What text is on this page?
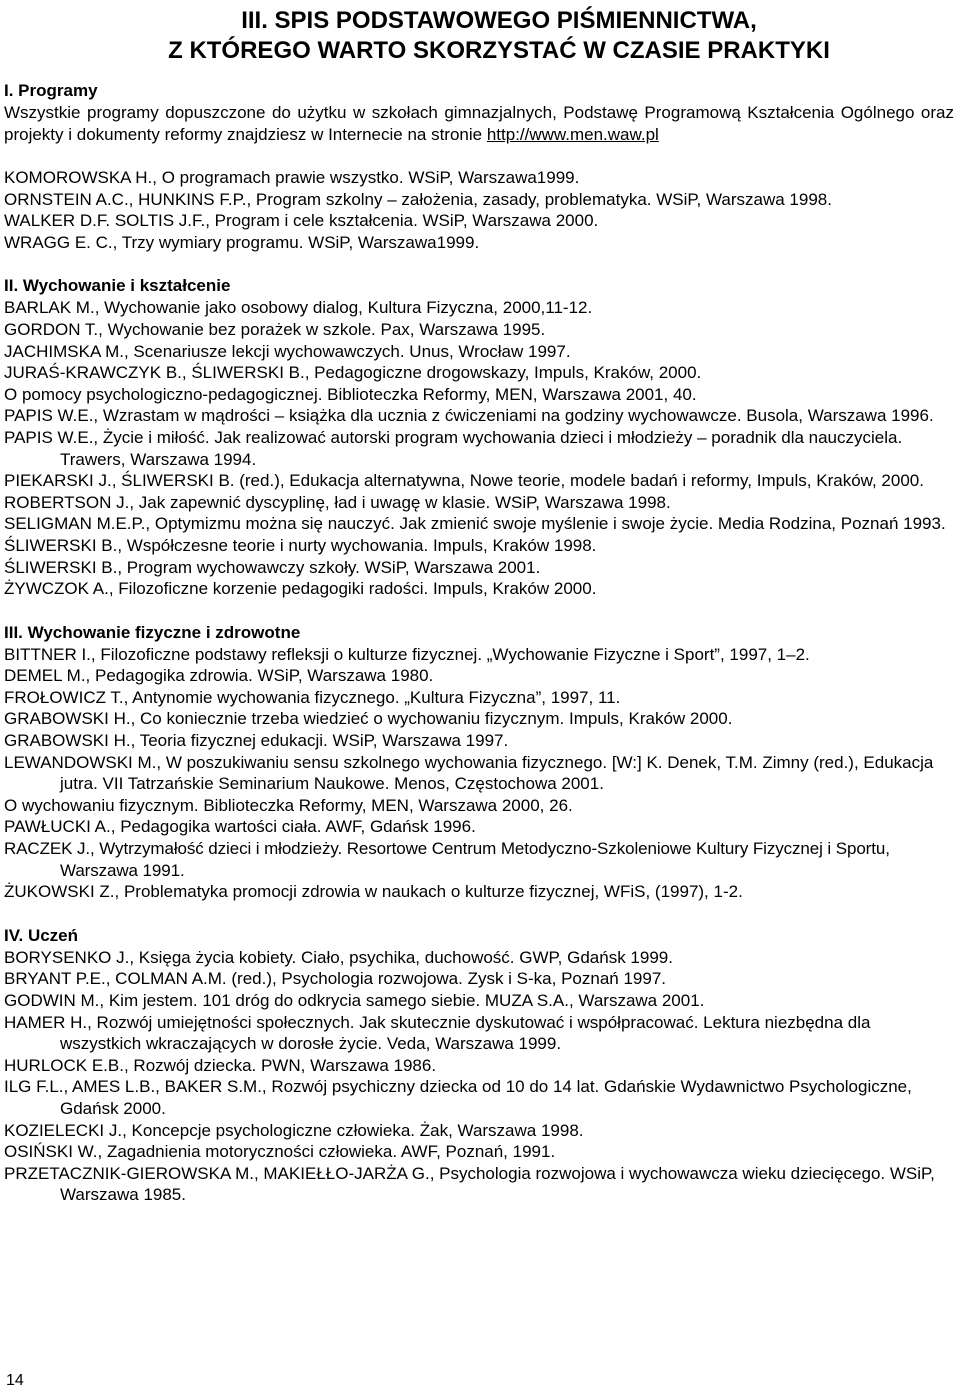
III. SPIS PODSTAWOWEGO PIŚMIENNICTWA,
Z KTÓREGO WARTO SKORZYSTAĆ W CZASIE PRAKTYKI
I. Programy
Wszystkie programy dopuszczone do użytku w szkołach gimnazjalnych, Podstawę Programową Kształcenia Ogólnego oraz projekty i dokumenty reformy znajdziesz w Internecie na stronie http://www.men.waw.pl
KOMOROWSKA H., O programach prawie wszystko. WSiP, Warszawa1999.
ORNSTEIN A.C., HUNKINS F.P., Program szkolny – założenia, zasady, problematyka. WSiP, Warszawa 1998.
WALKER D.F. SOLTIS J.F., Program i cele kształcenia. WSiP, Warszawa 2000.
WRAGG E. C., Trzy wymiary programu. WSiP, Warszawa1999.
II. Wychowanie i kształcenie
BARLAK M., Wychowanie jako osobowy dialog, Kultura Fizyczna, 2000,11-12.
GORDON T., Wychowanie bez porażek w szkole. Pax, Warszawa 1995.
JACHIMSKA M., Scenariusze lekcji wychowawczych. Unus, Wrocław 1997.
JURAŚ-KRAWCZYK B., ŚLIWERSKI B., Pedagogiczne drogowskazy, Impuls, Kraków, 2000.
O pomocy psychologiczno-pedagogicznej. Biblioteczka Reformy, MEN, Warszawa 2001, 40.
PAPIS W.E., Wzrastam w mądrości – książka dla ucznia z ćwiczeniami na godziny wychowawcze. Busola, Warszawa 1996.
PAPIS W.E., Życie i miłość. Jak realizować autorski program wychowania dzieci i młodzieży – poradnik dla nauczyciela. Trawers, Warszawa 1994.
PIEKARSKI J., ŚLIWERSKI B. (red.), Edukacja alternatywna, Nowe teorie, modele badań i reformy, Impuls, Kraków, 2000.
ROBERTSON J., Jak zapewnić dyscyplinę, ład i uwagę w klasie. WSiP, Warszawa 1998.
SELIGMAN M.E.P., Optymizmu można się nauczyć. Jak zmienić swoje myślenie i swoje życie. Media Rodzina, Poznań 1993.
ŚLIWERSKI B., Współczesne teorie i nurty wychowania. Impuls, Kraków 1998.
ŚLIWERSKI B., Program wychowawczy szkoły. WSiP, Warszawa 2001.
ŻYWCZOK A., Filozoficzne korzenie pedagogiki radości. Impuls, Kraków 2000.
III. Wychowanie fizyczne i zdrowotne
BITTNER I., Filozoficzne podstawy refleksji o kulturze fizycznej. „Wychowanie Fizyczne i Sport”, 1997, 1–2.
DEMEL M., Pedagogika zdrowia. WSiP, Warszawa 1980.
FROŁOWICZ T., Antynomie wychowania fizycznego. „Kultura Fizyczna”, 1997, 11.
GRABOWSKI H., Co koniecznie trzeba wiedzieć o wychowaniu fizycznym. Impuls, Kraków 2000.
GRABOWSKI H., Teoria fizycznej edukacji. WSiP, Warszawa 1997.
LEWANDOWSKI M., W poszukiwaniu sensu szkolnego wychowania fizycznego. [W:] K. Denek, T.M. Zimny (red.), Edukacja jutra. VII Tatrzańskie Seminarium Naukowe. Menos, Częstochowa 2001.
O wychowaniu fizycznym. Biblioteczka Reformy, MEN, Warszawa 2000, 26.
PAWŁUCKI A., Pedagogika wartości ciała. AWF, Gdańsk 1996.
RACZEK J., Wytrzymałość dzieci i młodzieży. Resortowe Centrum Metodyczno-Szkoleniowe Kultury Fizycznej i Sportu, Warszawa 1991.
ŻUKOWSKI Z., Problematyka promocji zdrowia w naukach o kulturze fizycznej, WFiS, (1997), 1-2.
IV. Uczeń
BORYSENKO J., Księga życia kobiety. Ciało, psychika, duchowość. GWP, Gdańsk 1999.
BRYANT P.E., COLMAN A.M. (red.), Psychologia rozwojowa. Zysk i S-ka, Poznań 1997.
GODWIN M., Kim jestem. 101 dróg do odkrycia samego siebie. MUZA S.A., Warszawa 2001.
HAMER H., Rozwój umiejętności społecznych. Jak skutecznie dyskutować i współpracować. Lektura niezbędna dla wszystkich wkraczających w dorosłe życie. Veda, Warszawa 1999.
HURLOCK E.B., Rozwój dziecka. PWN, Warszawa 1986.
ILG F.L., AMES L.B., BAKER S.M., Rozwój psychiczny dziecka od 10 do 14 lat. Gdańskie Wydawnictwo Psychologiczne, Gdańsk 2000.
KOZIELECKI J., Koncepcje psychologiczne człowieka. Żak, Warszawa 1998.
OSIŃSKI W., Zagadnienia motoryczności człowieka. AWF, Poznań, 1991.
PRZETACZNIK-GIEROWSKA M., MAKIEŁŁO-JARŻA G., Psychologia rozwojowa i wychowawcza wieku dziecięcego. WSiP, Warszawa 1985.
14
